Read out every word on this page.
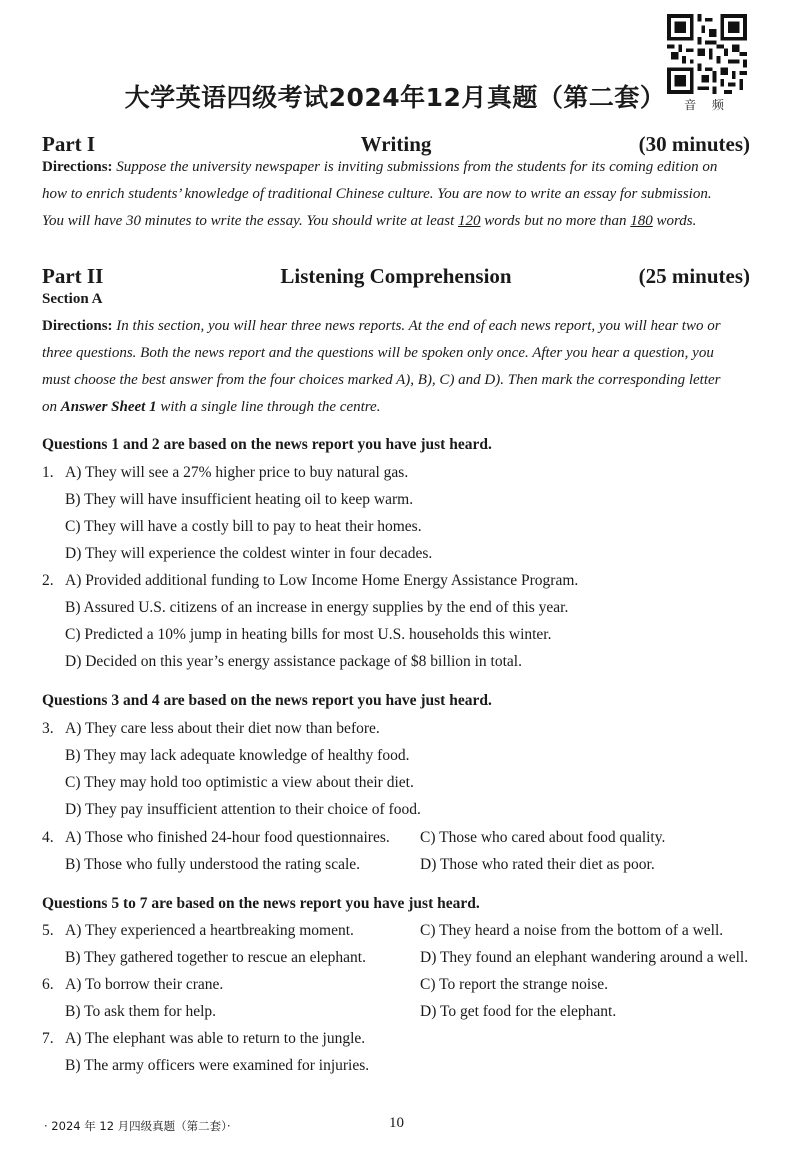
大学英语四级考试2024年12月真题（第二套）	音 频
Part I	Writing	(30 minutes)
Directions: Suppose the university newspaper is inviting submissions from the students for its coming edition on
how to enrich students’ knowledge of traditional Chinese culture. You are now to write an essay for submission.
You will have 30 minutes to write the essay. You should write at least 120 words but no more than 180 words.
Part II	Listening Comprehension	(25 minutes)
Section A
Directions: In this section, you will hear three news reports. At the end of each news report, you will hear two or
three questions. Both the news report and the questions will be spoken only once. After you hear a question, you
must choose the best answer from the four choices marked A), B), C) and D). Then mark the corresponding letter
on Answer Sheet 1 with a single line through the centre.
Questions 1 and 2 are based on the news report you have just heard.
1. A) They will see a 27% higher price to buy natural gas.
B) They will have insufficient heating oil to keep warm.
C) They will have a costly bill to pay to heat their homes.
D) They will experience the coldest winter in four decades.
2. A) Provided additional funding to Low Income Home Energy Assistance Program.
B) Assured U.S. citizens of an increase in energy supplies by the end of this year.
C) Predicted a 10% jump in heating bills for most U.S. households this winter.
D) Decided on this year’s energy assistance package of $8 billion in total.
Questions 3 and 4 are based on the news report you have just heard.
3. A) They care less about their diet now than before.
B) They may lack adequate knowledge of healthy food.
C) They may hold too optimistic a view about their diet.
D) They pay insufficient attention to their choice of food.
4. A) Those who finished 24-hour food questionnaires. C) Those who cared about food quality.
B) Those who fully understood the rating scale.	D) Those who rated their diet as poor.
Questions 5 to 7 are based on the news report you have just heard.
5. A) They experienced a heartbreaking moment.	C) They heard a noise from the bottom of a well.
B) They gathered together to rescue an elephant.	D) They found an elephant wandering around a well.
6. A) To borrow their crane.	C) To report the strange noise.
B) To ask them for help.	D) To get food for the elephant.
7. A) The elephant was able to return to the jungle.
B) The army officers were examined for injuries.
· 2024 年 12 月四级真题（第二套）·	10
